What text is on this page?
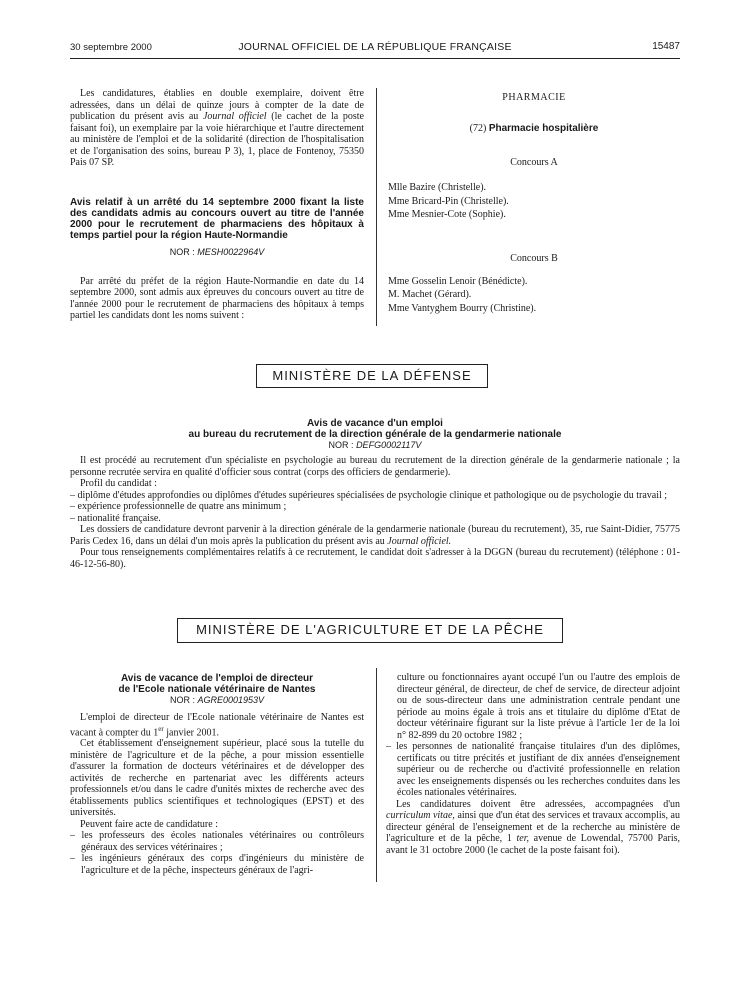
30 septembre 2000	JOURNAL OFFICIEL DE LA RÉPUBLIQUE FRANÇAISE	15487

Les candidatures, établies en double exemplaire, doivent être adressées, dans un délai de quinze jours à compter de la date de publication du présent avis au Journal officiel (le cachet de la poste faisant foi), un exemplaire par la voie hiérarchique et l'autre directement au ministère de l'emploi et de la solidarité (direction de l'hospitalisation et de l'organisation des soins, bureau P 3), 1, place de Fontenoy, 75350 Pais 07 SP.

Avis relatif à un arrêté du 14 septembre 2000 fixant la liste des candidats admis au concours ouvert au titre de l'année 2000 pour le recrutement de pharmaciens des hôpitaux à temps partiel pour la région Haute-Normandie

NOR : MESH0022964V

Par arrêté du préfet de la région Haute-Normandie en date du 14 septembre 2000, sont admis aux épreuves du concours ouvert au titre de l'année 2000 pour le recrutement de pharmaciens des hôpitaux à temps partiel les candidats dont les noms suivent :

PHARMACIE
(72) Pharmacie hospitalière
Concours A
Mlle Bazire (Christelle).
Mme Bricard-Pin (Christelle).
Mme Mesnier-Cote (Sophie).
Concours B
Mme Gosselin Lenoir (Bénédicte).
M. Machet (Gérard).
Mme Vantyghem Bourry (Christine).
MINISTÈRE DE LA DÉFENSE
Avis de vacance d'un emploi
au bureau du recrutement de la direction générale de la gendarmerie nationale
NOR : DEFG0002117V

Il est procédé au recrutement d'un spécialiste en psychologie au bureau du recrutement de la direction générale de la gendarmerie nationale ; la personne recrutée servira en qualité d'officier sous contrat (corps des officiers de gendarmerie).

Profil du candidat :

– diplôme d'études approfondies ou diplômes d'études supérieures spécialisées de psychologie clinique et pathologique ou de psychologie du travail ;
– expérience professionnelle de quatre ans minimum ;
– nationalité française.

Les dossiers de candidature devront parvenir à la direction générale de la gendarmerie nationale (bureau du recrutement), 35, rue Saint-Didier, 75775 Paris Cedex 16, dans un délai d'un mois après la publication du présent avis au Journal officiel.

Pour tous renseignements complémentaires relatifs à ce recrutement, le candidat doit s'adresser à la DGGN (bureau du recrutement) (téléphone : 01-46-12-56-80).

MINISTÈRE DE L'AGRICULTURE ET DE LA PÊCHE
Avis de vacance de l'emploi de directeur
de l'Ecole nationale vétérinaire de Nantes
NOR : AGRE0001953V

L'emploi de directeur de l'Ecole nationale vétérinaire de Nantes est vacant à compter du 1er janvier 2001.

Cet établissement d'enseignement supérieur, placé sous la tutelle du ministère de l'agriculture et de la pêche, a pour mission essentielle d'assurer la formation de docteurs vétérinaires et de développer des activités de recherche en partenariat avec les différents acteurs professionnels et/ou dans le cadre d'unités mixtes de recherche avec des établissements publics scientifiques et technologiques (EPST) et des universités.

Peuvent faire acte de candidature :

– les professeurs des écoles nationales vétérinaires ou contrôleurs généraux des services vétérinaires ;
– les ingénieurs généraux des corps d'ingénieurs du ministère de l'agriculture et de la pêche, inspecteurs généraux de l'agri-

culture ou fonctionnaires ayant occupé l'un ou l'autre des emplois de directeur général, de directeur, de chef de service, de directeur adjoint ou de sous-directeur dans une administration centrale pendant une période au moins égale à trois ans et titulaire du diplôme d'Etat de docteur vétérinaire figurant sur la liste prévue à l'article 1er de la loi n° 82-899 du 20 octobre 1982 ;

– les personnes de nationalité française titulaires d'un des diplômes, certificats ou titre précités et justifiant de dix années d'enseignement supérieur ou de recherche ou d'activité professionnelle en relation avec les enseignements dispensés ou les recherches conduites dans les écoles nationales vétérinaires.

Les candidatures doivent être adressées, accompagnées d'un curriculum vitae, ainsi que d'un état des services et travaux accomplis, au directeur général de l'enseignement et de la recherche au ministère de l'agriculture et de la pêche, 1 ter, avenue de Lowendal, 75700 Paris, avant le 31 octobre 2000 (le cachet de la poste faisant foi).
